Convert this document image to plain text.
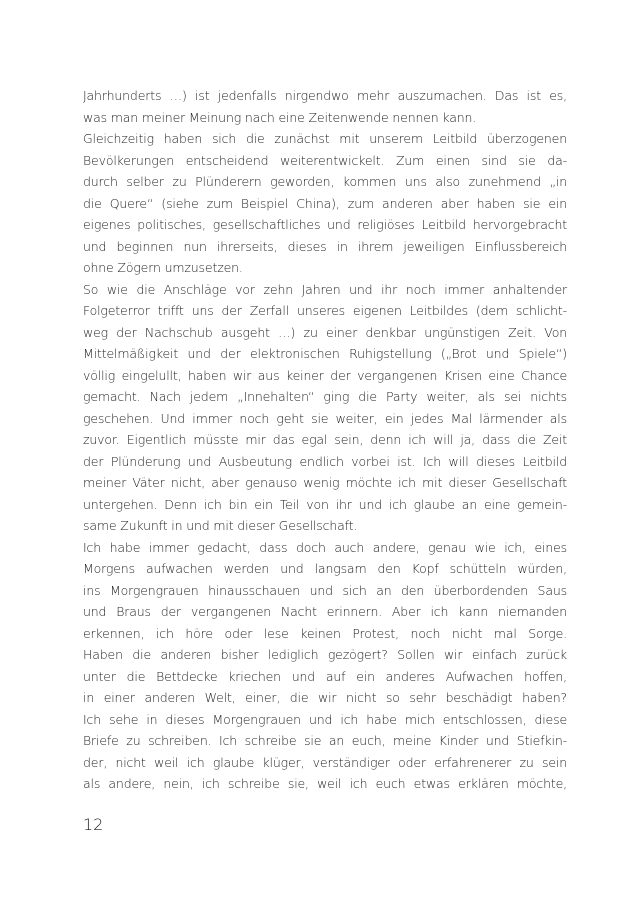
Jahrhunderts …) ist jedenfalls nirgendwo mehr auszumachen. Das ist es,
was man meiner Meinung nach eine Zeitenwende nennen kann.

Gleichzeitig haben sich die zunächst mit unserem Leitbild überzogenen
Bevölkerungen entscheidend weiterentwickelt. Zum einen sind sie da-
durch selber zu Plünderern geworden, kommen uns also zunehmend „in
die Quere“ (siehe zum Beispiel China), zum anderen aber haben sie ein
eigenes politisches, gesellschaftliches und religiöses Leitbild hervorgebracht
und beginnen nun ihrerseits, dieses in ihrem jeweiligen Einflussbereich
ohne Zögern umzusetzen.

So wie die Anschläge vor zehn Jahren und ihr noch immer anhaltender
Folgeterror trifft uns der Zerfall unseres eigenen Leitbildes (dem schlicht-
weg der Nachschub ausgeht …) zu einer denkbar ungünstigen Zeit. Von
Mittelmäßigkeit und der elektronischen Ruhigstellung („Brot und Spiele“)
völlig eingelullt, haben wir aus keiner der vergangenen Krisen eine Chance
gemacht. Nach jedem „Innehalten“ ging die Party weiter, als sei nichts
geschehen. Und immer noch geht sie weiter, ein jedes Mal lärmender als
zuvor. Eigentlich müsste mir das egal sein, denn ich will ja, dass die Zeit
der Plünderung und Ausbeutung endlich vorbei ist. Ich will dieses Leitbild
meiner Väter nicht, aber genauso wenig möchte ich mit dieser Gesellschaft
untergehen. Denn ich bin ein Teil von ihr und ich glaube an eine gemein-
same Zukunft in und mit dieser Gesellschaft.

Ich habe immer gedacht, dass doch auch andere, genau wie ich, eines
Morgens aufwachen werden und langsam den Kopf schütteln würden,
ins Morgengrauen hinausschauen und sich an den überbordenden Saus
und Braus der vergangenen Nacht erinnern. Aber ich kann niemanden
erkennen, ich höre oder lese keinen Protest, noch nicht mal Sorge.
Haben die anderen bisher lediglich gezögert? Sollen wir einfach zurück
unter die Bettdecke kriechen und auf ein anderes Aufwachen hoffen,
in einer anderen Welt, einer, die wir nicht so sehr beschädigt haben?
Ich sehe in dieses Morgengrauen und ich habe mich entschlossen, diese
Briefe zu schreiben. Ich schreibe sie an euch, meine Kinder und Stiefkin-
der, nicht weil ich glaube klüger, verständiger oder erfahrenerer zu sein
als andere, nein, ich schreibe sie, weil ich euch etwas erklären möchte,

12
